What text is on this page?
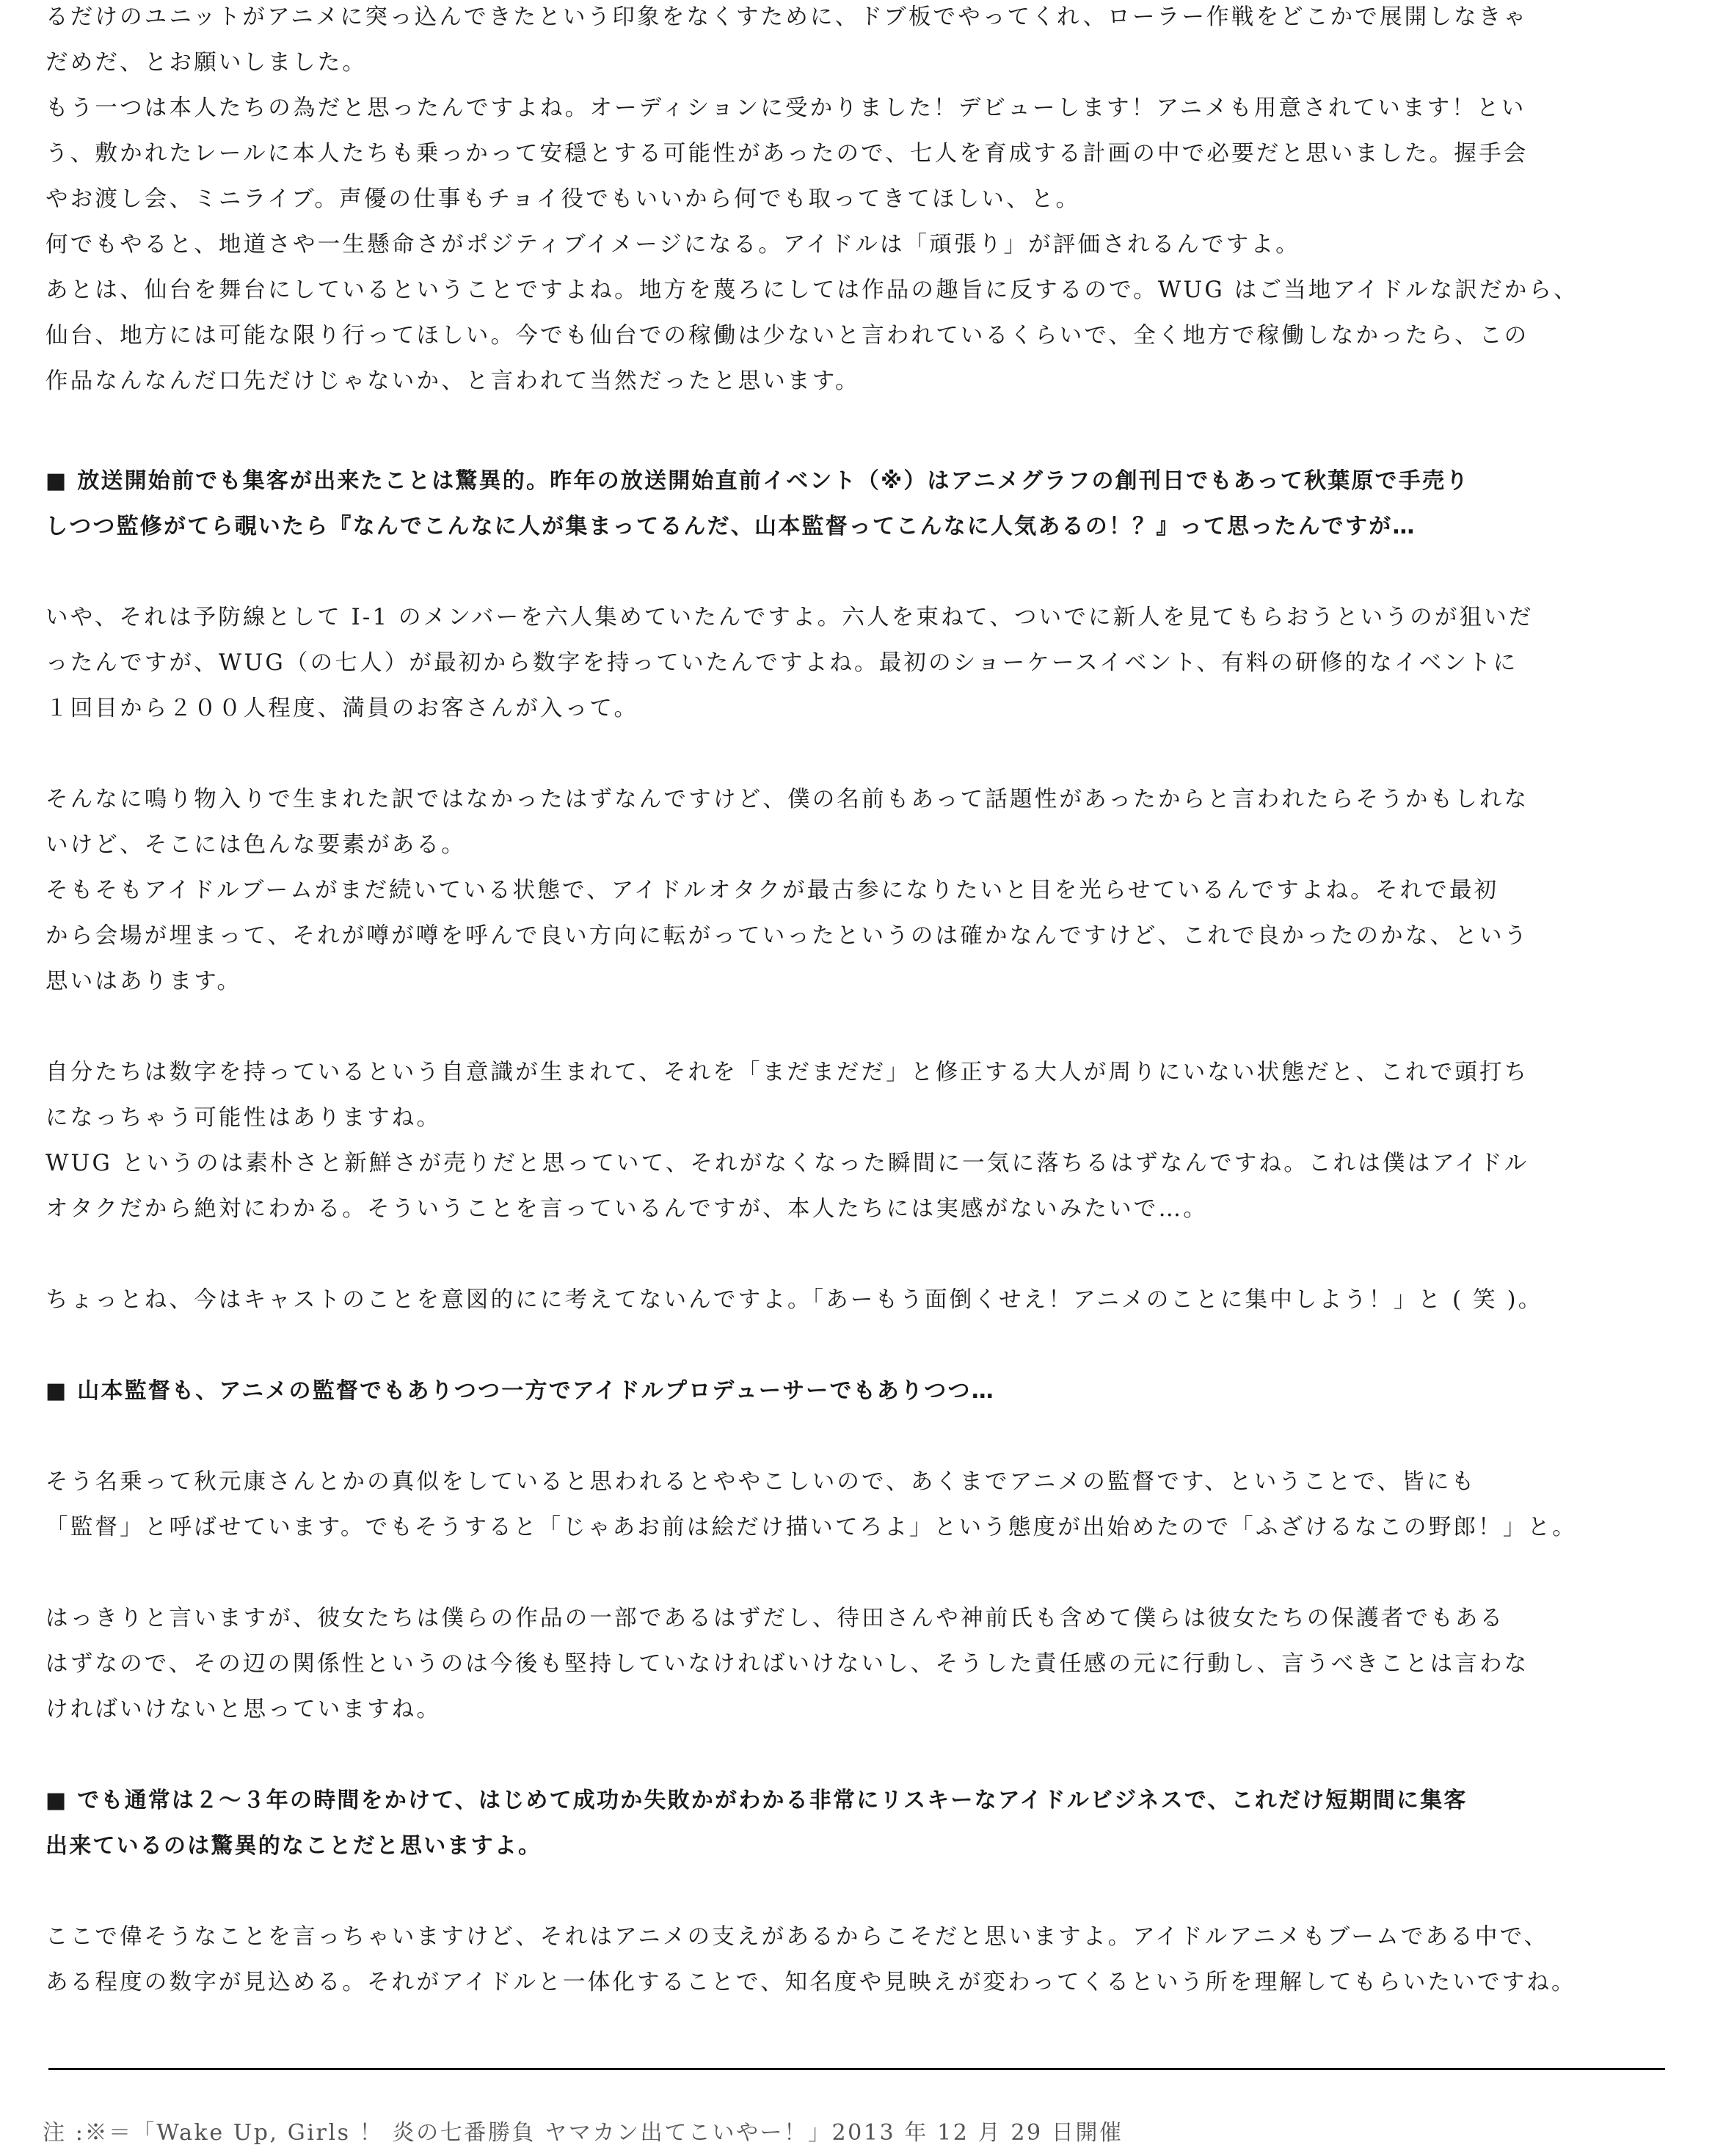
るだけのユニットがアニメに突っ込んできたという印象をなくすために、ドブ板でやってくれ、ローラー作戦をどこかで展開しなきゃ
だめだ、とお願いしました。
もう一つは本人たちの為だと思ったんですよね。オーディションに受かりました！デビューします！アニメも用意されています！とい
う、敷かれたレールに本人たちも乗っかって安穏とする可能性があったので、七人を育成する計画の中で必要だと思いました。握手会
やお渡し会、ミニライブ。声優の仕事もチョイ役でもいいから何でも取ってきてほしい、と。
何でもやると、地道さや一生懸命さがポジティブイメージになる。アイドルは「頑張り」が評価されるんですよ。
あとは、仙台を舞台にしているということですよね。地方を蔑ろにしては作品の趣旨に反するので。WUG はご当地アイドルな訳だから、
仙台、地方には可能な限り行ってほしい。今でも仙台での稼働は少ないと言われているくらいで、全く地方で稼働しなかったら、この
作品なんなんだ口先だけじゃないか、と言われて当然だったと思います。
■ 放送開始前でも集客が出来たことは驚異的。昨年の放送開始直前イベント（※）はアニメグラフの創刊日でもあって秋葉原で手売り
しつつ監修がてら覗いたら『なんでこんなに人が集まってるんだ、山本監督ってこんなに人気あるの！？』って思ったんですが…
いや、それは予防線として I-1 のメンバーを六人集めていたんですよ。六人を束ねて、ついでに新人を見てもらおうというのが狙いだ
ったんですが、WUG（の七人）が最初から数字を持っていたんですよね。最初のショーケースイベント、有料の研修的なイベントに
１回目から２００人程度、満員のお客さんが入って。
そんなに鳴り物入りで生まれた訳ではなかったはずなんですけど、僕の名前もあって話題性があったからと言われたらそうかもしれな
いけど、そこには色んな要素がある。
そもそもアイドルブームがまだ続いている状態で、アイドルオタクが最古参になりたいと目を光らせているんですよね。それで最初
から会場が埋まって、それが噂が噂を呼んで良い方向に転がっていったというのは確かなんですけど、これで良かったのかな、という
思いはあります。
自分たちは数字を持っているという自意識が生まれて、それを「まだまだだ」と修正する大人が周りにいない状態だと、これで頭打ち
になっちゃう可能性はありますね。
WUG というのは素朴さと新鮮さが売りだと思っていて、それがなくなった瞬間に一気に落ちるはずなんですね。これは僕はアイドル
オタクだから絶対にわかる。そういうことを言っているんですが、本人たちには実感がないみたいで…。
ちょっとね、今はキャストのことを意図的にに考えてないんですよ。「あーもう面倒くせえ！アニメのことに集中しよう！」と ( 笑 )。
■ 山本監督も、アニメの監督でもありつつ一方でアイドルプロデューサーでもありつつ…
そう名乗って秋元康さんとかの真似をしていると思われるとややこしいので、あくまでアニメの監督です、ということで、皆にも
「監督」と呼ばせています。でもそうすると「じゃあお前は絵だけ描いてろよ」という態度が出始めたので「ふざけるなこの野郎！」と。
はっきりと言いますが、彼女たちは僕らの作品の一部であるはずだし、待田さんや神前氏も含めて僕らは彼女たちの保護者でもある
はずなので、その辺の関係性というのは今後も堅持していなければいけないし、そうした責任感の元に行動し、言うべきことは言わな
ければいけないと思っていますね。
■ でも通常は２～３年の時間をかけて、はじめて成功か失敗かがわかる非常にリスキーなアイドルビジネスで、これだけ短期間に集客
出来ているのは驚異的なことだと思いますよ。
ここで偉そうなことを言っちゃいますけど、それはアニメの支えがあるからこそだと思いますよ。アイドルアニメもブームである中で、
ある程度の数字が見込める。それがアイドルと一体化することで、知名度や見映えが変わってくるという所を理解してもらいたいですね。
注 :※＝「Wake Up, Girls ！ 炎の七番勝負 ヤマカン出てこいやー！」2013 年 12 月 29 日開催
